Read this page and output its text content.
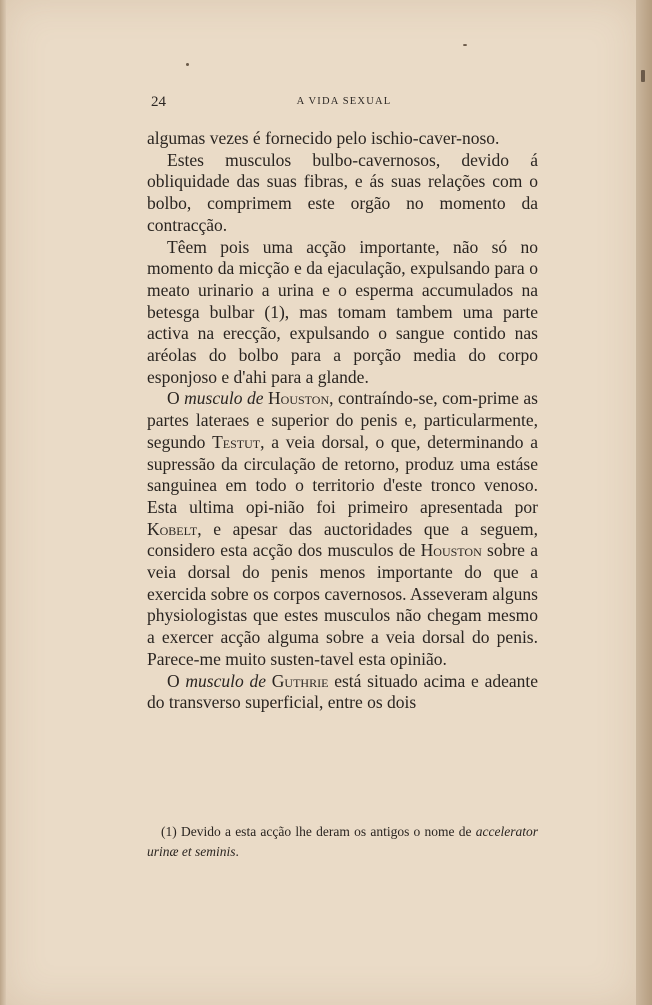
24	A VIDA SEXUAL

algumas vezes é fornecido pelo ischio-caver-noso.

Estes musculos bulbo-cavernosos, devido á obliquidade das suas fibras, e ás suas relações com o bolbo, comprimem este orgão no momento da contracção.

Têem pois uma acção importante, não só no momento da micção e da ejaculação, expulsando para o meato urinario a urina e o esperma accumulados na betesga bulbar (1), mas tomam tambem uma parte activa na erecção, expulsando o sangue contido nas aréolas do bolbo para a porção media do corpo esponjoso e d'ahi para a glande.

O musculo de Houston, contraíndo-se, com-prime as partes lateraes e superior do penis e, particularmente, segundo Testut, a veia dorsal, o que, determinando a supressão da circulação de retorno, produz uma estáse sanguinea em todo o territorio d'este tronco venoso. Esta ultima opi-nião foi primeiro apresentada por Kobelt, e apesar das auctoridades que a seguem, considero esta acção dos musculos de Houston sobre a veia dorsal do penis menos importante do que a exercida sobre os corpos cavernosos. Asseveram alguns physiologistas que estes musculos não chegam mesmo a exercer acção alguma sobre a veia dorsal do penis. Parece-me muito susten-tavel esta opinião.

O musculo de Guthrie está situado acima e adeante do transverso superficial, entre os dois

(1) Devido a esta acção lhe deram os antigos o nome de accelerator urinæ et seminis.
